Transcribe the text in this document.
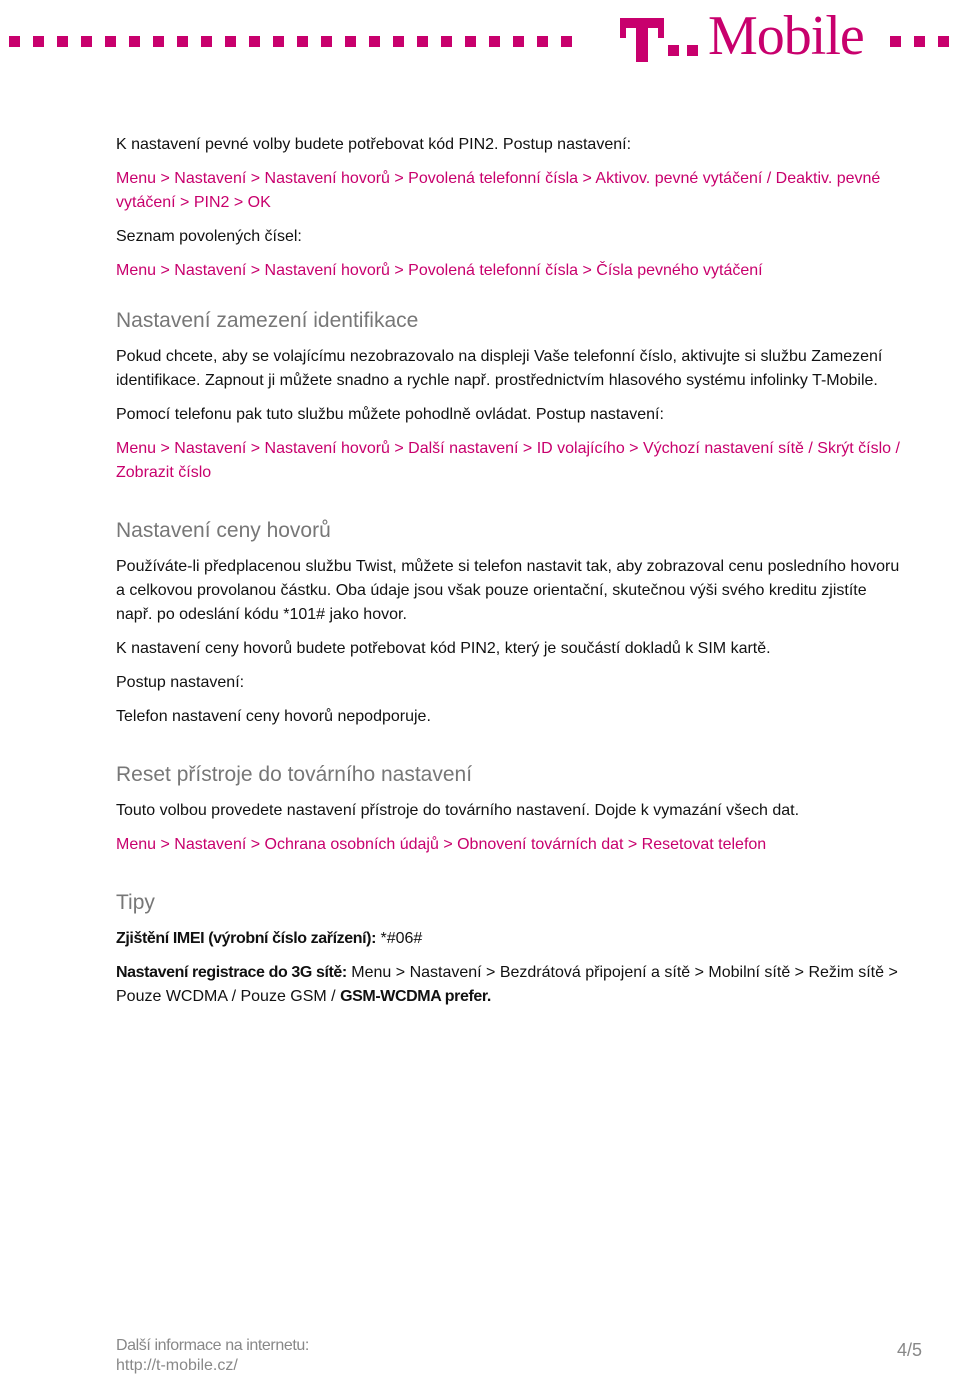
Mobile

K nastavení pevné volby budete potřebovat kód PIN2. Postup nastavení:

Menu > Nastavení > Nastavení hovorů > Povolená telefonní čísla > Aktivov. pevné vytáčení / Deaktiv. pevné vytáčení > PIN2 > OK

Seznam povolených čísel:

Menu > Nastavení > Nastavení hovorů > Povolená telefonní čísla > Čísla pevného vytáčení

Nastavení zamezení identifikace

Pokud chcete, aby se volajícímu nezobrazovalo na displeji Vaše telefonní číslo, aktivujte si službu Zamezení identifikace. Zapnout ji můžete snadno a rychle např. prostřednictvím hlasového systému infolinky T-Mobile.

Pomocí telefonu pak tuto službu můžete pohodlně ovládat. Postup nastavení:

Menu > Nastavení > Nastavení hovorů > Další nastavení > ID volajícího > Výchozí nastavení sítě / Skrýt číslo / Zobrazit číslo

Nastavení ceny hovorů

Používáte-li předplacenou službu Twist, můžete si telefon nastavit tak, aby zobrazoval cenu posledního hovoru a celkovou provolanou částku. Oba údaje jsou však pouze orientační, skutečnou výši svého kreditu zjistíte např. po odeslání kódu *101# jako hovor.

K nastavení ceny hovorů budete potřebovat kód PIN2, který je součástí dokladů k SIM kartě.

Postup nastavení:

Telefon nastavení ceny hovorů nepodporuje.

Reset přístroje do továrního nastavení

Touto volbou provedete nastavení přístroje do továrního nastavení. Dojde k vymazání všech dat.

Menu > Nastavení > Ochrana osobních údajů > Obnovení továrních dat > Resetovat telefon

Tipy

Zjištění IMEI (výrobní číslo zařízení): *#06#

Nastavení registrace do 3G sítě: Menu > Nastavení > Bezdrátová připojení a sítě > Mobilní sítě > Režim sítě > Pouze WCDMA / Pouze GSM / GSM-WCDMA prefer.

Další informace na internetu:
http://t-mobile.cz/
4/5
